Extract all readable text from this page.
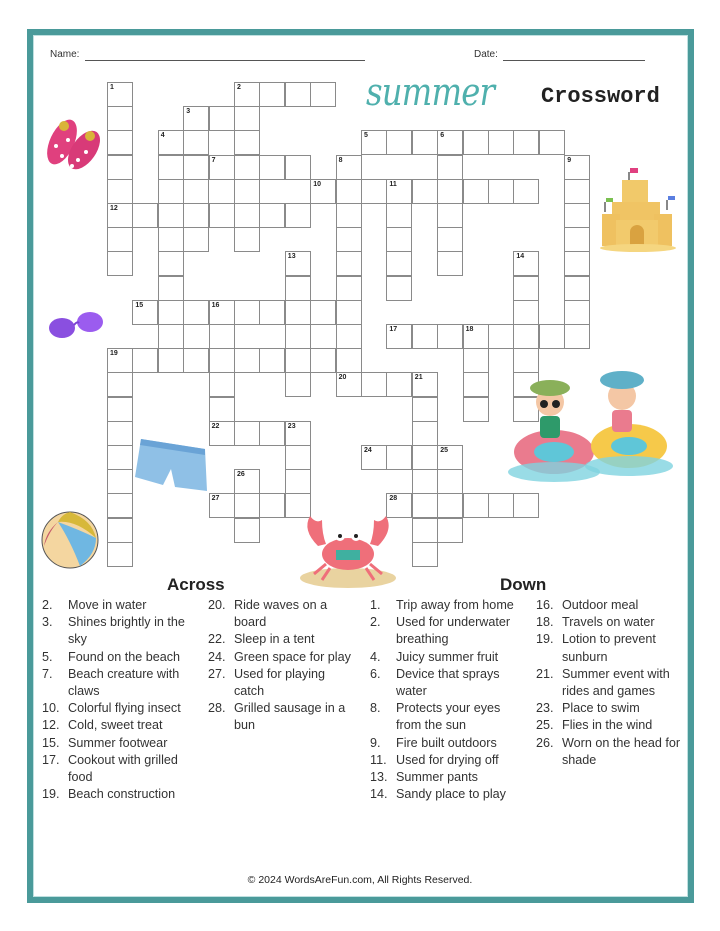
Name:	Date:
summer Crossword
1
12
2
3
4	5	6
7	8
20
9
10	11
13	14
15	16
22
17	18
19
21
23
24	25
26
27	28
Across	Down
2.	Move in water
3.	Shines brightly in the sky
5.	Found on the beach
7.	Beach creature with claws
10. Colorful flying insect
12. Cold, sweet treat
15. Summer footwear
17. Cookout with grilled food
19. Beach construction
20. Ride waves on a board
22. Sleep in a tent
24. Green space for play
27. Used for playing catch
28. Grilled sausage in a bun
1.	Trip away from home
2.	Used for underwater breathing
4.	Juicy summer fruit
6.	Device that sprays water
8.	Protects your eyes from the sun
9.	Fire built outdoors
11. Used for drying off
13. Summer pants
14. Sandy place to play
16. Outdoor meal
18. Travels on water
19. Lotion to prevent sunburn
21. Summer event with rides and games
23. Place to swim
25. Flies in the wind
26. Worn on the head for shade
© 2024 WordsAreFun.com, All Rights Reserved.
